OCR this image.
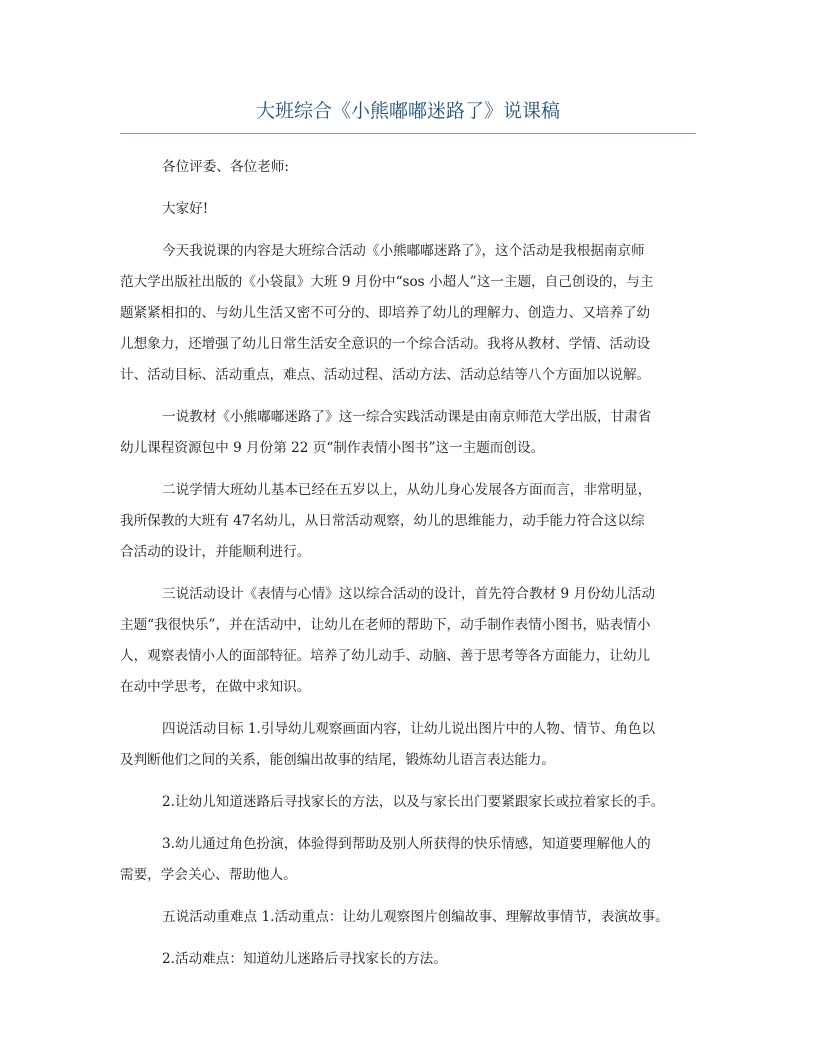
大班综合《小熊嘟嘟迷路了》说课稿
各位评委、各位老师:
大家好!
今天我说课的内容是大班综合活动《小熊嘟嘟迷路了》，这个活动是我根据南京师
范大学出版社出版的《小袋鼠》大班 9 月份中“sos 小超人”这一主题，自己创设的，与主
题紧紧相扣的、与幼儿生活又密不可分的、即培养了幼儿的理解力、创造力、又培养了幼
儿想象力，还增强了幼儿日常生活安全意识的一个综合活动。我将从教材、学情、活动设
计、活动目标、活动重点，难点、活动过程、活动方法、活动总结等八个方面加以说解。
一说教材《小熊嘟嘟迷路了》这一综合实践活动课是由南京师范大学出版，甘肃省
幼儿课程资源包中 9 月份第 22 页“制作表情小图书”这一主题而创设。
二说学情大班幼儿基本已经在五岁以上，从幼儿身心发展各方面而言，非常明显，
我所保教的大班有 47名幼儿，从日常活动观察，幼儿的思维能力，动手能力符合这以综
合活动的设计，并能顺利进行。
三说活动设计《表情与心情》这以综合活动的设计，首先符合教材 9 月份幼儿活动
主题“我很快乐”，并在活动中，让幼儿在老师的帮助下，动手制作表情小图书，贴表情小
人，观察表情小人的面部特征。培养了幼儿动手、动脑、善于思考等各方面能力，让幼儿
在动中学思考，在做中求知识。
四说活动目标 1.引导幼儿观察画面内容，让幼儿说出图片中的人物、情节、角色以
及判断他们之间的关系，能创编出故事的结尾，锻炼幼儿语言表达能力。
2.让幼儿知道迷路后寻找家长的方法，以及与家长出门要紧跟家长或拉着家长的手。
3.幼儿通过角色扮演，体验得到帮助及别人所获得的快乐情感，知道要理解他人的
需要，学会关心、帮助他人。
五说活动重难点 1.活动重点：让幼儿观察图片创编故事、理解故事情节，表演故事。
2.活动难点：知道幼儿迷路后寻找家长的方法。
